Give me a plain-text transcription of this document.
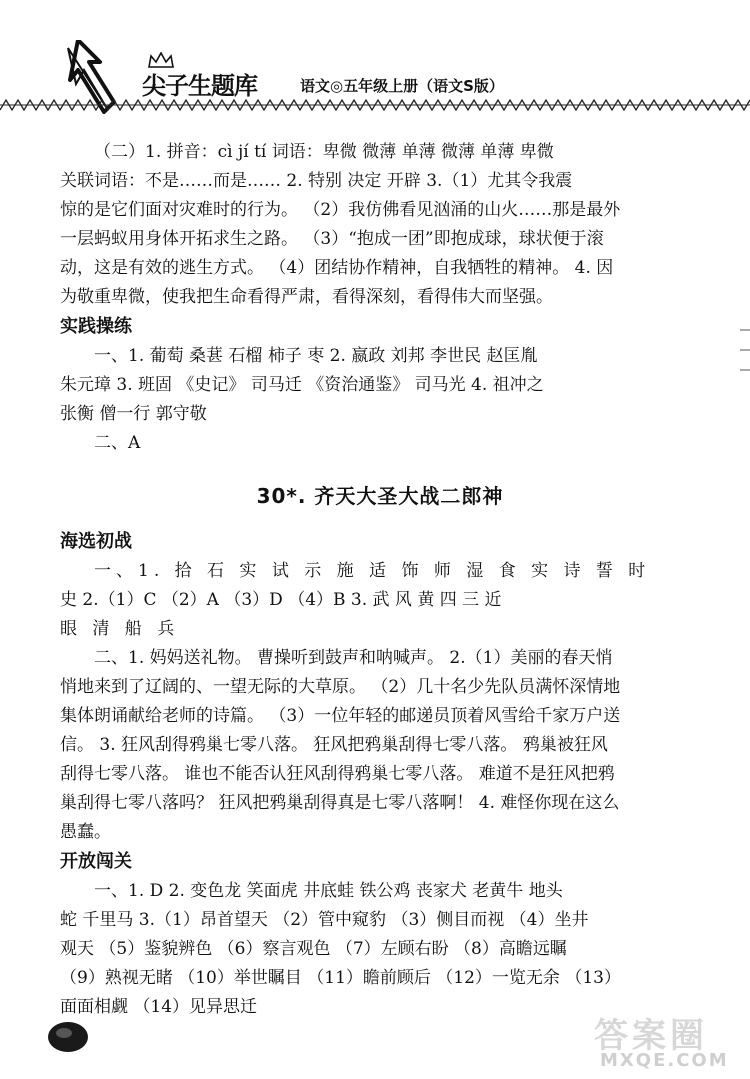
尖子生题库	语文◎五年级上册（语文S版）

（二）1. 拼音：cì jí tí 词语：卑微 微薄 单薄 微薄 单薄 卑微

关联词语：不是……而是…… 2. 特别 决定 开辟 3.（1）尤其令我震

惊的是它们面对灾难时的行为。 （2）我仿佛看见汹涌的山火……那是最外

一层蚂蚁用身体开拓求生之路。 （3）“抱成一团”即抱成球，球状便于滚

动，这是有效的逃生方式。 （4）团结协作精神，自我牺牲的精神。 4. 因

为敬重卑微，使我把生命看得严肃，看得深刻，看得伟大而坚强。

实践操练

一、1. 葡萄 桑葚 石榴 柿子 枣 2. 嬴政 刘邦 李世民 赵匡胤

朱元璋 3. 班固 《史记》 司马迁 《资治通鉴》 司马光 4. 祖冲之

张衡 僧一行 郭守敬

二、A

30*. 齐天大圣大战二郎神

海选初战

一、1. 拾 石 实 试 示 施 适 饰 师 湿 食 实 诗 誓 时

史 2.（1）C （2）A （3）D （4）B 3. 武 风 黄 四 三 近

眼 清 船 兵

二、1. 妈妈送礼物。 曹操听到鼓声和呐喊声。 2.（1）美丽的春天悄

悄地来到了辽阔的、一望无际的大草原。 （2）几十名少先队员满怀深情地

集体朗诵献给老师的诗篇。 （3）一位年轻的邮递员顶着风雪给千家万户送

信。 3. 狂风刮得鸦巢七零八落。 狂风把鸦巢刮得七零八落。 鸦巢被狂风

刮得七零八落。 谁也不能否认狂风刮得鸦巢七零八落。 难道不是狂风把鸦

巢刮得七零八落吗？ 狂风把鸦巢刮得真是七零八落啊！ 4. 难怪你现在这么

愚蠢。

开放闯关

一、1. D 2. 变色龙 笑面虎 井底蛙 铁公鸡 丧家犬 老黄牛 地头

蛇 千里马 3.（1）昂首望天 （2）管中窥豹 （3）侧目而视 （4）坐井

观天 （5）鉴貌辨色 （6）察言观色 （7）左顾右盼 （8）高瞻远瞩

（9）熟视无睹 （10）举世瞩目 （11）瞻前顾后 （12）一览无余 （13）

面面相觑 （14）见异思迁

答案圈
MXQE.COM
